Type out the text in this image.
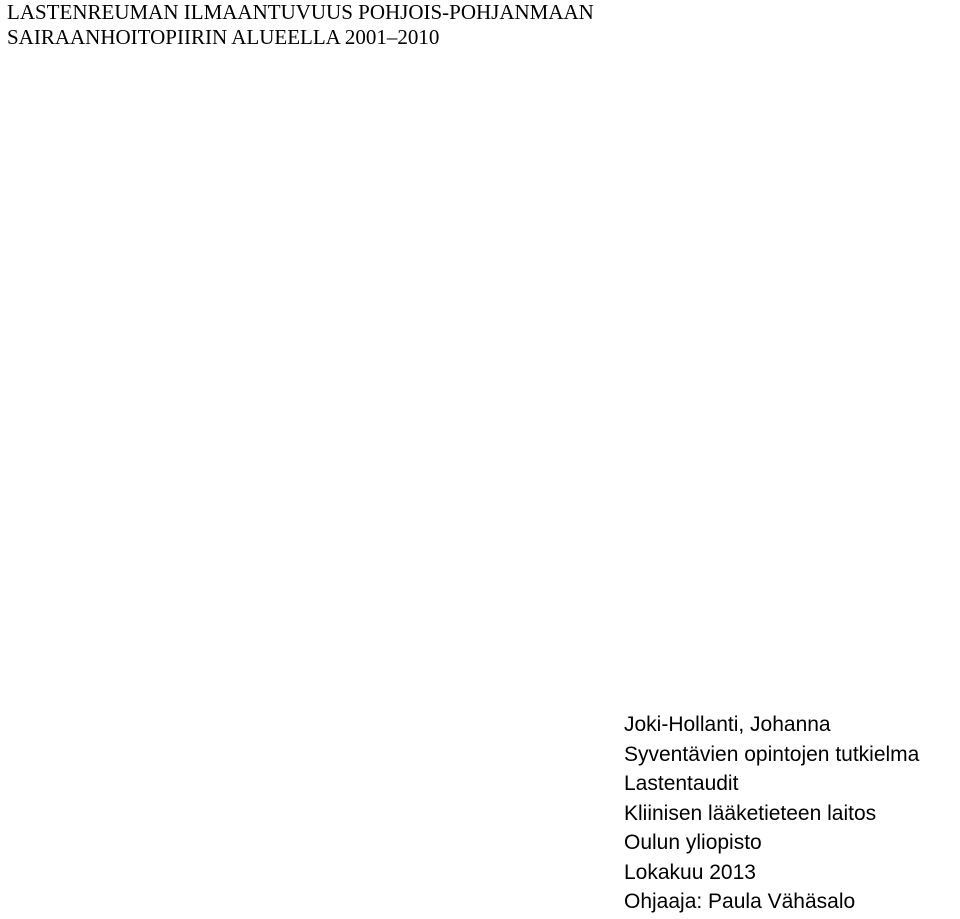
LASTENREUMAN ILMAANTUVUUS POHJOIS-POHJANMAAN
SAIRAANHOITOPIIRIN ALUEELLA 2001–2010
Joki-Hollanti, Johanna
Syventävien opintojen tutkielma
Lastentaudit
Kliinisen lääketieteen laitos
Oulun yliopisto
Lokakuu 2013
Ohjaaja: Paula Vähäsalo
